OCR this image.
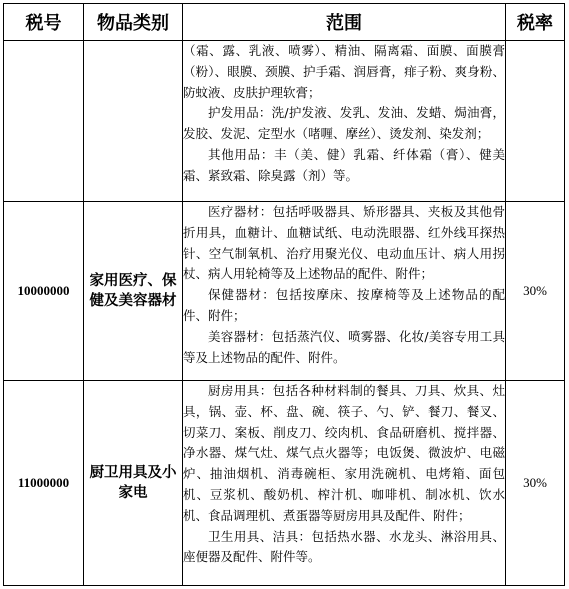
税号	物品类别	范围	税率

		（霜、露、乳液、喷雾）、精油、隔离霜、面膜、面膜膏（粉）、眼膜、颈膜、护手霜、润唇膏，痱子粉、爽身粉、防蚊液、皮肤护理软膏；

护发用品：洗/护发液、发乳、发油、发蜡、焗油膏，发胶、发泥、定型水（啫喱、摩丝）、烫发剂、染发剂；

其他用品：丰（美、健）乳霜、纤体霜（膏）、健美霜、紧致霜、除臭露（剂）等。	

10000000	家用医疗、保健及美容器材	医疗器材：包括呼吸器具、矫形器具、夹板及其他骨折用具，血糖计、血糖试纸、电动洗眼器、红外线耳探热针、空气制氧机、治疗用聚光仪、电动血压计、病人用拐杖、病人用轮椅等及上述物品的配件、附件；

保健器材：包括按摩床、按摩椅等及上述物品的配件、附件；

美容器材：包括蒸汽仪、喷雾器、化妆/美容专用工具等及上述物品的配件、附件。	30%
11000000	厨卫用具及小家电	厨房用具：包括各种材料制的餐具、刀具、炊具、灶具，锅、壶、杯、盘、碗、筷子、勺、铲、餐刀、餐叉、切菜刀、案板、削皮刀、绞肉机、食品研磨机、搅拌器、净水器、煤气灶、煤气点火器等；电饭煲、微波炉、电磁炉、抽油烟机、消毒碗柜、家用洗碗机、电烤箱、面包机、豆浆机、酸奶机、榨汁机、咖啡机、制冰机、饮水机、食品调理机、煮蛋器等厨房用具及配件、附件；

卫生用具、洁具：包括热水器、水龙头、淋浴用具、座便器及配件、附件等。	30%
